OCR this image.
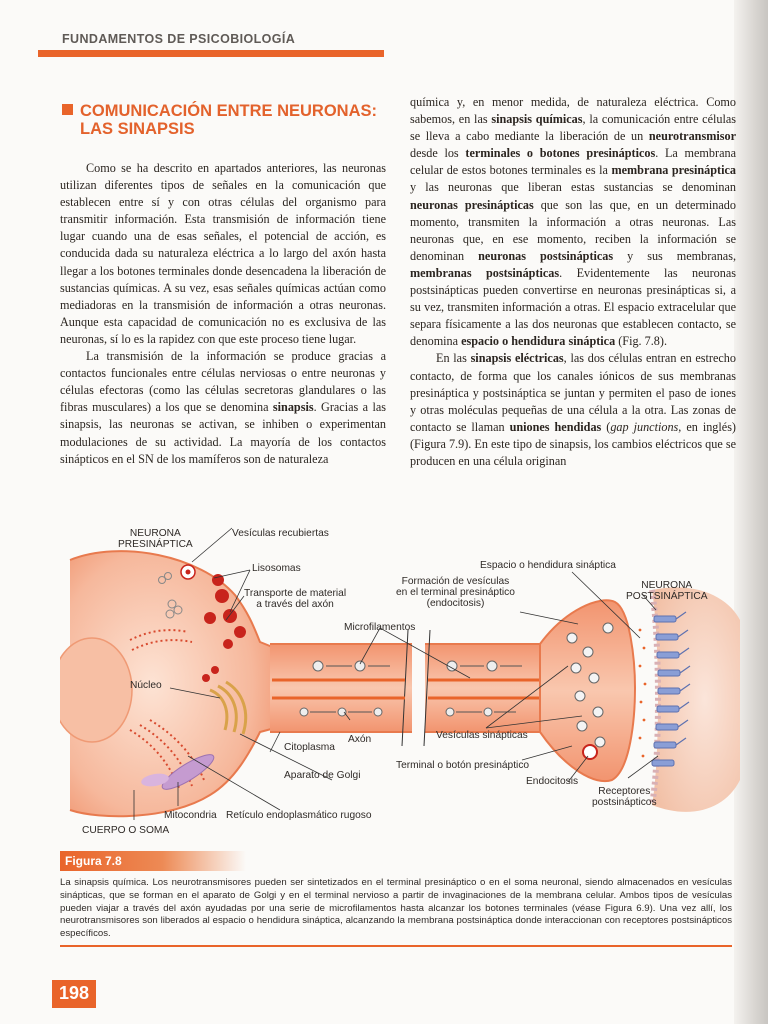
FUNDAMENTOS DE PSICOBIOLOGÍA
COMUNICACIÓN ENTRE NEURONAS:
LAS SINAPSIS

Como se ha descrito en apartados anteriores, las neuronas utilizan diferentes tipos de señales en la comunicación que establecen entre sí y con otras células del organismo para transmitir información. Esta transmisión de información tiene lugar cuando una de esas señales, el potencial de acción, es conducida dada su naturaleza eléctrica a lo largo del axón hasta llegar a los botones terminales donde desencadena la liberación de sustancias químicas. A su vez, esas señales químicas actúan como mediadoras en la transmisión de información a otras neuronas. Aunque esta capacidad de comunicación no es exclusiva de las neuronas, sí lo es la rapidez con que este proceso tiene lugar.

La transmisión de la información se produce gracias a contactos funcionales entre células nerviosas o entre neuronas y células efectoras (como las células secretoras glandulares o las fibras musculares) a los que se denomina sinapsis. Gracias a las sinapsis, las neuronas se activan, se inhiben o experimentan modulaciones de su actividad. La mayoría de los contactos sinápticos en el SN de los mamíferos son de naturaleza

química y, en menor medida, de naturaleza eléctrica. Como sabemos, en las sinapsis químicas, la comunicación entre células se lleva a cabo mediante la liberación de un neurotransmisor desde los terminales o botones presinápticos. La membrana celular de estos botones terminales es la membrana presináptica y las neuronas que liberan estas sustancias se denominan neuronas presinápticas que son las que, en un determinado momento, transmiten la información a otras neuronas. Las neuronas que, en ese momento, reciben la información se denominan neuronas postsinápticas y sus membranas, membranas postsinápticas. Evidentemente las neuronas postsinápticas pueden convertirse en neuronas presinápticas si, a su vez, transmiten información a otras. El espacio extracelular que separa físicamente a las dos neuronas que establecen contacto, se denomina espacio o hendidura sináptica (Fig. 7.8).

En las sinapsis eléctricas, las dos células entran en estrecho contacto, de forma que los canales iónicos de sus membranas presináptica y postsináptica se juntan y permiten el paso de iones y otras moléculas pequeñas de una célula a la otra. Las zonas de contacto se llaman uniones hendidas (gap junctions, en inglés) (Figura 7.9). En este tipo de sinapsis, los cambios eléctricos que se producen en una célula originan

NEURONA
PRESINÁPTICA
Vesículas recubiertas
Lisosomas
Transporte de material
a través del axón
Microfilamentos
Núcleo
Axón
Citoplasma
Aparato de Golgi
Mitocondria Retículo endoplasmático rugoso
CUERPO O SOMA
Espacio o hendidura sináptica
Formación de vesículas
en el terminal presináptico
(endocitosis)
NEURONA
POSTSINÁPTICA
Vesículas sinápticas
Terminal o botón presináptico
Endocitosis
Receptores
postsinápticos
Figura 7.8
La sinapsis química. Los neurotransmisores pueden ser sintetizados en el terminal presináptico o en el soma neuronal, siendo almacenados en vesículas sinápticas, que se forman en el aparato de Golgi y en el terminal nervioso a partir de invaginaciones de la membrana celular. Ambos tipos de vesículas pueden viajar a través del axón ayudadas por una serie de microfilamentos hasta alcanzar los botones terminales (véase Figura 6.9). Una vez allí, los neurotransmisores son liberados al espacio o hendidura sináptica, alcanzando la membrana postsináptica donde interaccionan con receptores postsinápticos específicos.
198
